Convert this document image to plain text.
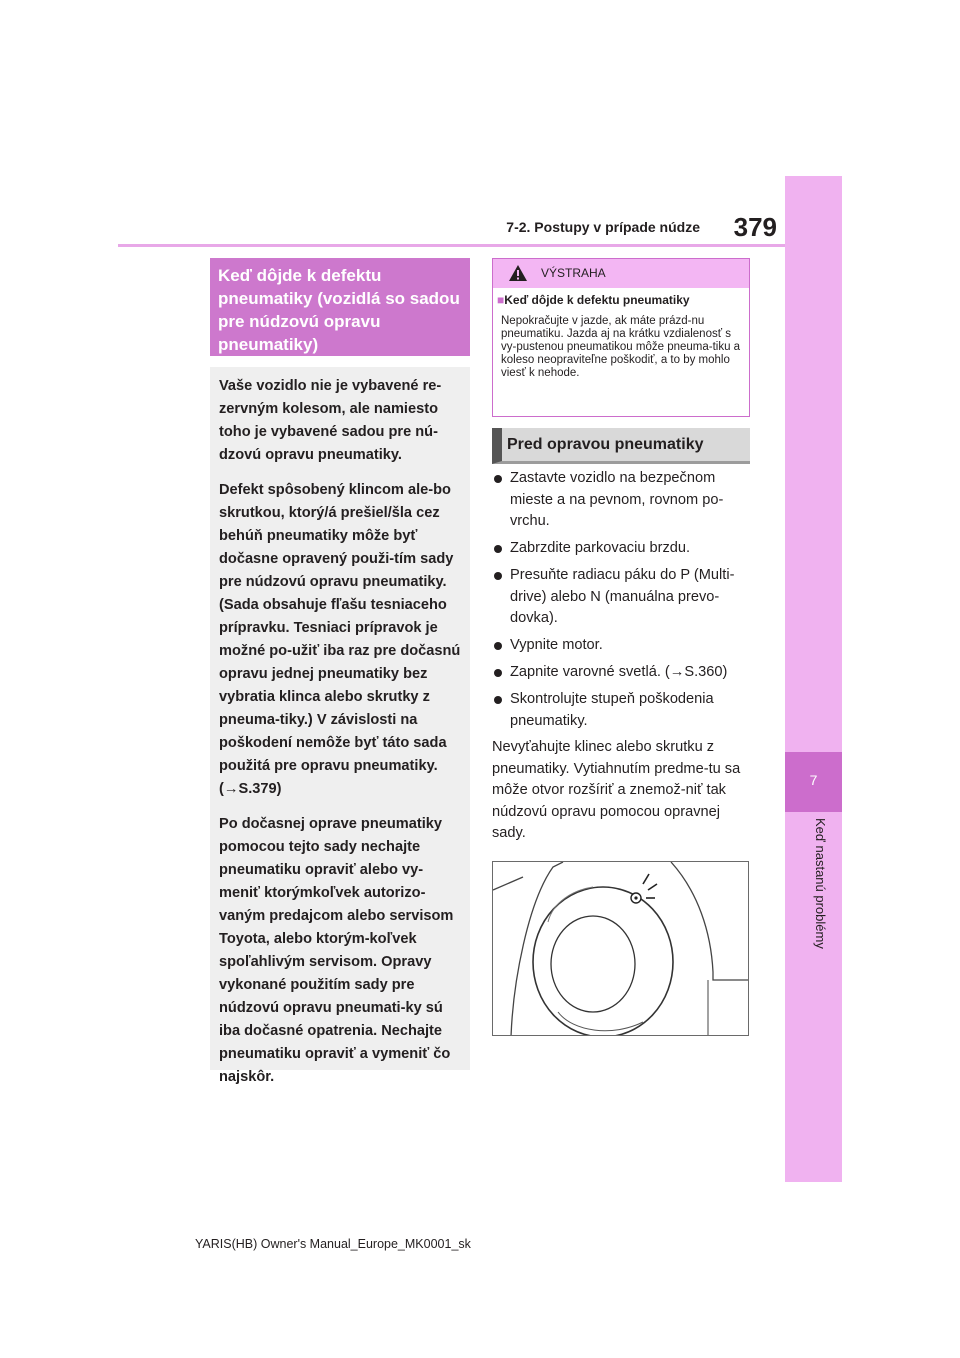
7-2. Postupy v prípade núdze	379
7
Keď nastanú problémy
Keď dôjde k defektu pneumatiky (vozidlá so sadou pre núdzovú opravu pneumatiky)

Vaše vozidlo nie je vybavené re-zervným kolesom, ale namiesto toho je vybavené sadou pre nú-dzovú opravu pneumatiky.

Defekt spôsobený klincom ale-bo skrutkou, ktorý/á prešiel/šla cez behúň pneumatiky môže byť dočasne opravený použi-tím sady pre núdzovú opravu pneumatiky. (Sada obsahuje fľašu tesniaceho prípravku. Tesniaci prípravok je možné po-užiť iba raz pre dočasnú opravu jednej pneumatiky bez vybratia klinca alebo skrutky z pneuma-tiky.) V závislosti na poškodení nemôže byť táto sada použitá pre opravu pneumatiky. (→S.379)

Po dočasnej oprave pneumatiky pomocou tejto sady nechajte pneumatiku opraviť alebo vy-meniť ktorýmkoľvek autorizo-vaným predajcom alebo servisom Toyota, alebo ktorým-koľvek spoľahlivým servisom. Opravy vykonané použitím sady pre núdzovú opravu pneumati-ky sú iba dočasné opatrenia. Nechajte pneumatiku opraviť a vymeniť čo najskôr.

VÝSTRAHA
■Keď dôjde k defektu pneumatiky
Nepokračujte v jazde, ak máte prázd-nu pneumatiku. Jazda aj na krátku vzdialenosť s vy-pustenou pneumatikou môže pneuma-tiku a koleso neopraviteľne poškodiť, a to by mohlo viesť k nehode.
Pred opravou pneumatiky
Zastavte vozidlo na bezpečnom mieste a na pevnom, rovnom po-vrchu.
Zabrzdite parkovaciu brzdu.
Presuňte radiacu páku do P (Multi-drive) alebo N (manuálna prevo-dovka).
Vypnite motor.
Zapnite varovné svetlá. (→S.360)
Skontrolujte stupeň poškodenia pneumatiky.
Nevyťahujte klinec alebo skrutku z pneumatiky. Vytiahnutím predme-tu sa môže otvor rozšíriť a znemož-niť tak núdzovú opravu pomocou opravnej sady.
YARIS(HB) Owner's Manual_Europe_MK0001_sk
